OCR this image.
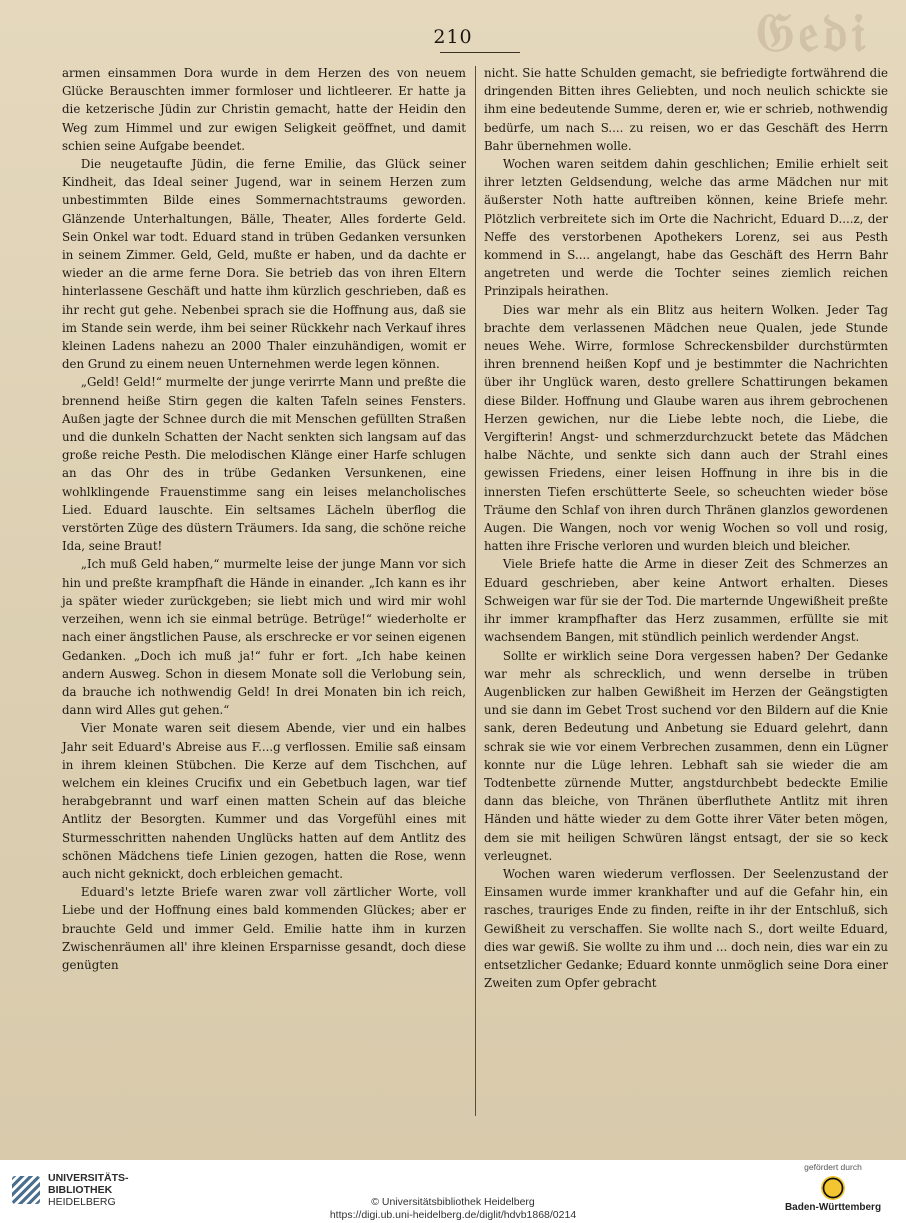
𝔊𝔢𝔡𝔦
210

armen einsammen Dora wurde in dem Herzen des von neuem Glücke Berauschten immer formloser und lichtleerer. Er hatte ja die ketzerische Jüdin zur Christin gemacht, hatte der Heidin den Weg zum Himmel und zur ewigen Seligkeit geöffnet, und damit schien seine Aufgabe beendet.

Die neugetaufte Jüdin, die ferne Emilie, das Glück seiner Kindheit, das Ideal seiner Jugend, war in seinem Herzen zum unbestimmten Bilde eines Sommernachtstraums geworden. Glänzende Unterhaltungen, Bälle, Theater, Alles forderte Geld. Sein Onkel war todt. Eduard stand in trüben Gedanken versunken in seinem Zimmer. Geld, Geld, mußte er haben, und da dachte er wieder an die arme ferne Dora. Sie betrieb das von ihren Eltern hinterlassene Geschäft und hatte ihm kürzlich geschrieben, daß es ihr recht gut gehe. Nebenbei sprach sie die Hoffnung aus, daß sie im Stande sein werde, ihm bei seiner Rückkehr nach Verkauf ihres kleinen Ladens nahezu an 2000 Thaler einzuhändigen, womit er den Grund zu einem neuen Unternehmen werde legen können.

„Geld! Geld!“ murmelte der junge verirrte Mann und preßte die brennend heiße Stirn gegen die kalten Tafeln seines Fensters. Außen jagte der Schnee durch die mit Menschen gefüllten Straßen und die dunkeln Schatten der Nacht senkten sich langsam auf das große reiche Pesth. Die melodischen Klänge einer Harfe schlugen an das Ohr des in trübe Gedanken Versunkenen, eine wohlklingende Frauenstimme sang ein leises melancholisches Lied. Eduard lauschte. Ein seltsames Lächeln überflog die verstörten Züge des düstern Träumers. Ida sang, die schöne reiche Ida, seine Braut!

„Ich muß Geld haben,“ murmelte leise der junge Mann vor sich hin und preßte krampfhaft die Hände in einander. „Ich kann es ihr ja später wieder zurückgeben; sie liebt mich und wird mir wohl verzeihen, wenn ich sie einmal betrüge. Betrüge!“ wiederholte er nach einer ängstlichen Pause, als erschrecke er vor seinen eigenen Gedanken. „Doch ich muß ja!“ fuhr er fort. „Ich habe keinen andern Ausweg. Schon in diesem Monate soll die Verlobung sein, da brauche ich nothwendig Geld! In drei Monaten bin ich reich, dann wird Alles gut gehen.“

Vier Monate waren seit diesem Abende, vier und ein halbes Jahr seit Eduard's Abreise aus F....g verflossen. Emilie saß einsam in ihrem kleinen Stübchen. Die Kerze auf dem Tischchen, auf welchem ein kleines Crucifix und ein Gebetbuch lagen, war tief herabgebrannt und warf einen matten Schein auf das bleiche Antlitz der Besorgten. Kummer und das Vorgefühl eines mit Sturmesschritten nahenden Unglücks hatten auf dem Antlitz des schönen Mädchens tiefe Linien gezogen, hatten die Rose, wenn auch nicht geknickt, doch erbleichen gemacht.

Eduard's letzte Briefe waren zwar voll zärtlicher Worte, voll Liebe und der Hoffnung eines bald kommenden Glückes; aber er brauchte Geld und immer Geld. Emilie hatte ihm in kurzen Zwischenräumen all' ihre kleinen Ersparnisse gesandt, doch diese genügten

nicht. Sie hatte Schulden gemacht, sie befriedigte fortwährend die dringenden Bitten ihres Geliebten, und noch neulich schickte sie ihm eine bedeutende Summe, deren er, wie er schrieb, nothwendig bedürfe, um nach S.... zu reisen, wo er das Geschäft des Herrn Bahr übernehmen wolle.

Wochen waren seitdem dahin geschlichen; Emilie erhielt seit ihrer letzten Geldsendung, welche das arme Mädchen nur mit äußerster Noth hatte auftreiben können, keine Briefe mehr. Plötzlich verbreitete sich im Orte die Nachricht, Eduard D....z, der Neffe des verstorbenen Apothekers Lorenz, sei aus Pesth kommend in S.... angelangt, habe das Geschäft des Herrn Bahr angetreten und werde die Tochter seines ziemlich reichen Prinzipals heirathen.

Dies war mehr als ein Blitz aus heitern Wolken. Jeder Tag brachte dem verlassenen Mädchen neue Qualen, jede Stunde neues Wehe. Wirre, formlose Schreckensbilder durchstürmten ihren brennend heißen Kopf und je bestimmter die Nachrichten über ihr Unglück waren, desto grellere Schattirungen bekamen diese Bilder. Hoffnung und Glaube waren aus ihrem gebrochenen Herzen gewichen, nur die Liebe lebte noch, die Liebe, die Vergifterin! Angst- und schmerzdurchzuckt betete das Mädchen halbe Nächte, und senkte sich dann auch der Strahl eines gewissen Friedens, einer leisen Hoffnung in ihre bis in die innersten Tiefen erschütterte Seele, so scheuchten wieder böse Träume den Schlaf von ihren durch Thränen glanzlos gewordenen Augen. Die Wangen, noch vor wenig Wochen so voll und rosig, hatten ihre Frische verloren und wurden bleich und bleicher.

Viele Briefe hatte die Arme in dieser Zeit des Schmerzes an Eduard geschrieben, aber keine Antwort erhalten. Dieses Schweigen war für sie der Tod. Die marternde Ungewißheit preßte ihr immer krampfhafter das Herz zusammen, erfüllte sie mit wachsendem Bangen, mit stündlich peinlich werdender Angst.

Sollte er wirklich seine Dora vergessen haben? Der Gedanke war mehr als schrecklich, und wenn derselbe in trüben Augenblicken zur halben Gewißheit im Herzen der Geängstigten und sie dann im Gebet Trost suchend vor den Bildern auf die Knie sank, deren Bedeutung und Anbetung sie Eduard gelehrt, dann schrak sie wie vor einem Verbrechen zusammen, denn ein Lügner konnte nur die Lüge lehren. Lebhaft sah sie wieder die am Todtenbette zürnende Mutter, angstdurchbebt bedeckte Emilie dann das bleiche, von Thränen überfluthete Antlitz mit ihren Händen und hätte wieder zu dem Gotte ihrer Väter beten mögen, dem sie mit heiligen Schwüren längst entsagt, der sie so keck verleugnet.

Wochen waren wiederum verflossen. Der Seelenzustand der Einsamen wurde immer krankhafter und auf die Gefahr hin, ein rasches, trauriges Ende zu finden, reifte in ihr der Entschluß, sich Gewißheit zu verschaffen. Sie wollte nach S., dort weilte Eduard, dies war gewiß. Sie wollte zu ihm und ... doch nein, dies war ein zu entsetzlicher Gedanke; Eduard konnte unmöglich seine Dora einer Zweiten zum Opfer gebracht

UNIVERSITÄTS-
BIBLIOTHEK
HEIDELBERG	© Universitätsbibliothek Heidelberg
https://digi.ub.uni-heidelberg.de/diglit/hdvb1868/0214
gefördert durch
Baden-Württemberg
